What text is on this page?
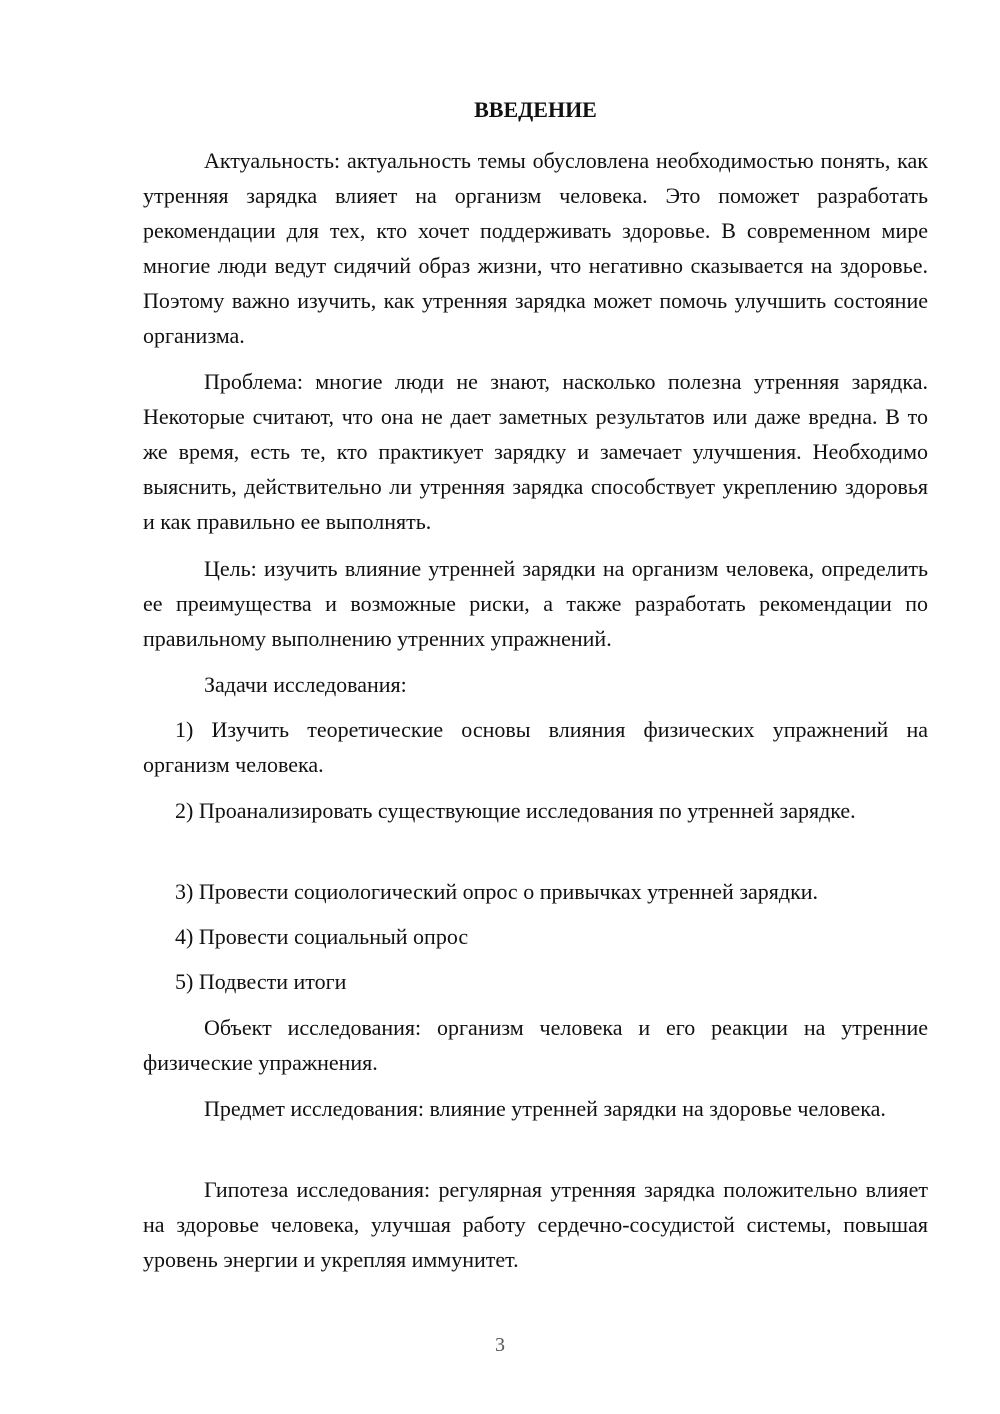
ВВЕДЕНИЕ

Актуальность: актуальность темы обусловлена необходимостью понять, как утренняя зарядка влияет на организм человека. Это поможет разработать рекомендации для тех, кто хочет поддерживать здоровье. В современном мире многие люди ведут сидячий образ жизни, что негативно сказывается на здоровье. Поэтому важно изучить, как утренняя зарядка может помочь улучшить состояние организма.

Проблема: многие люди не знают, насколько полезна утренняя зарядка. Некоторые считают, что она не дает заметных результатов или даже вредна. В то же время, есть те, кто практикует зарядку и замечает улучшения. Необходимо выяснить, действительно ли утренняя зарядка способствует укреплению здоровья и как правильно ее выполнять.

Цель: изучить влияние утренней зарядки на организм человека, определить ее преимущества и возможные риски, а также разработать рекомендации по правильному выполнению утренних упражнений.

Задачи исследования:

1) Изучить теоретические основы влияния физических упражнений на организм человека.

2) Проанализировать существующие исследования по утренней зарядке.

3) Провести социологический опрос о привычках утренней зарядки.

4) Провести социальный опрос

5) Подвести итоги

Объект исследования: организм человека и его реакции на утренние физические упражнения.

Предмет исследования: влияние утренней зарядки на здоровье человека.

Гипотеза исследования: регулярная утренняя зарядка положительно влияет на здоровье человека, улучшая работу сердечно-сосудистой системы, повышая уровень энергии и укрепляя иммунитет.

3
